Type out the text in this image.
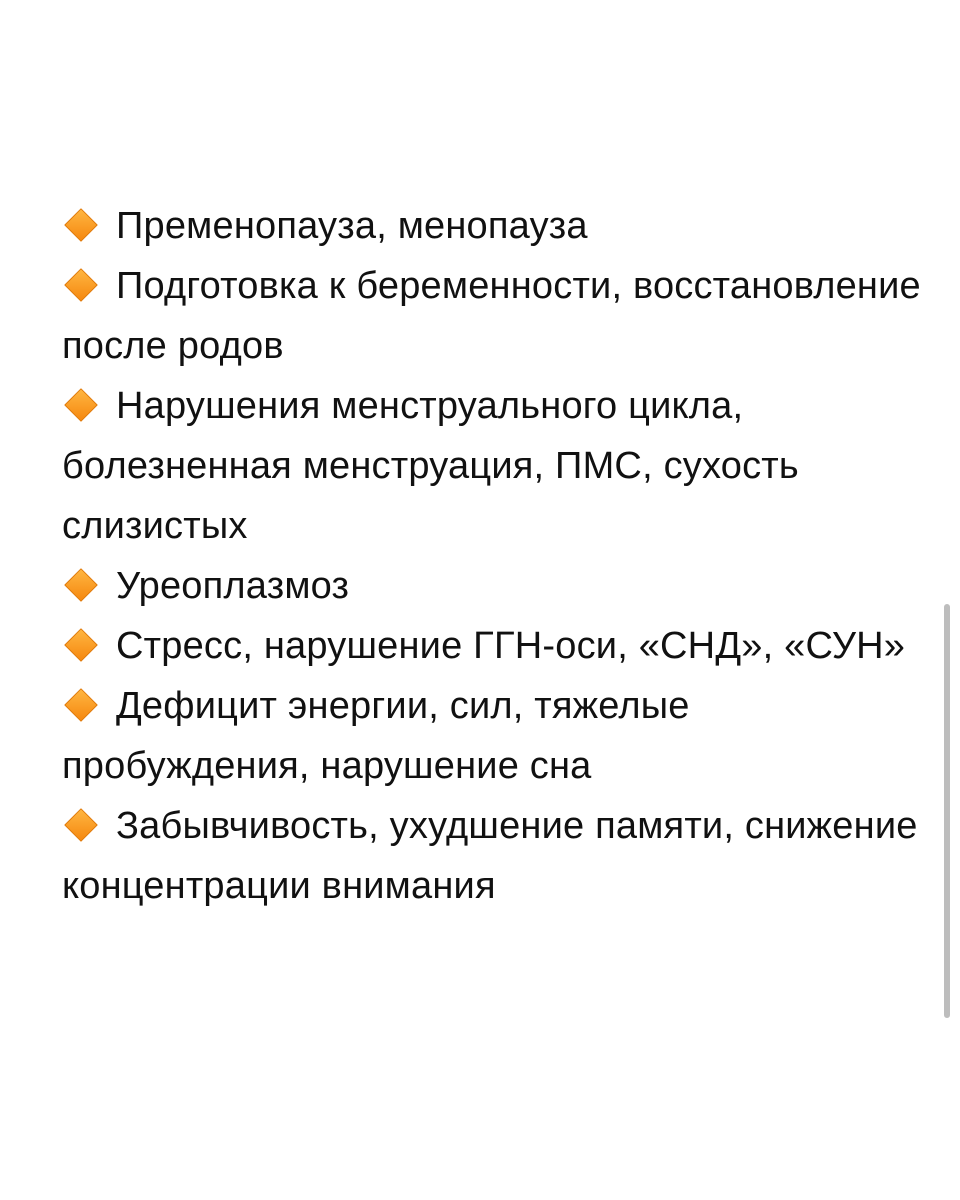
Пременопауза, менопауза

Подготовка к беременности, восстановление после родов

Нарушения менструального цикла, болезненная менструация, ПМС, сухость слизистых

Уреоплазмоз

Стресс, нарушение ГГН-оси, «СНД», «СУН»

Дефицит энергии, сил, тяжелые пробуждения, нарушение сна

Забывчивость, ухудшение памяти, снижение концентрации внимания
